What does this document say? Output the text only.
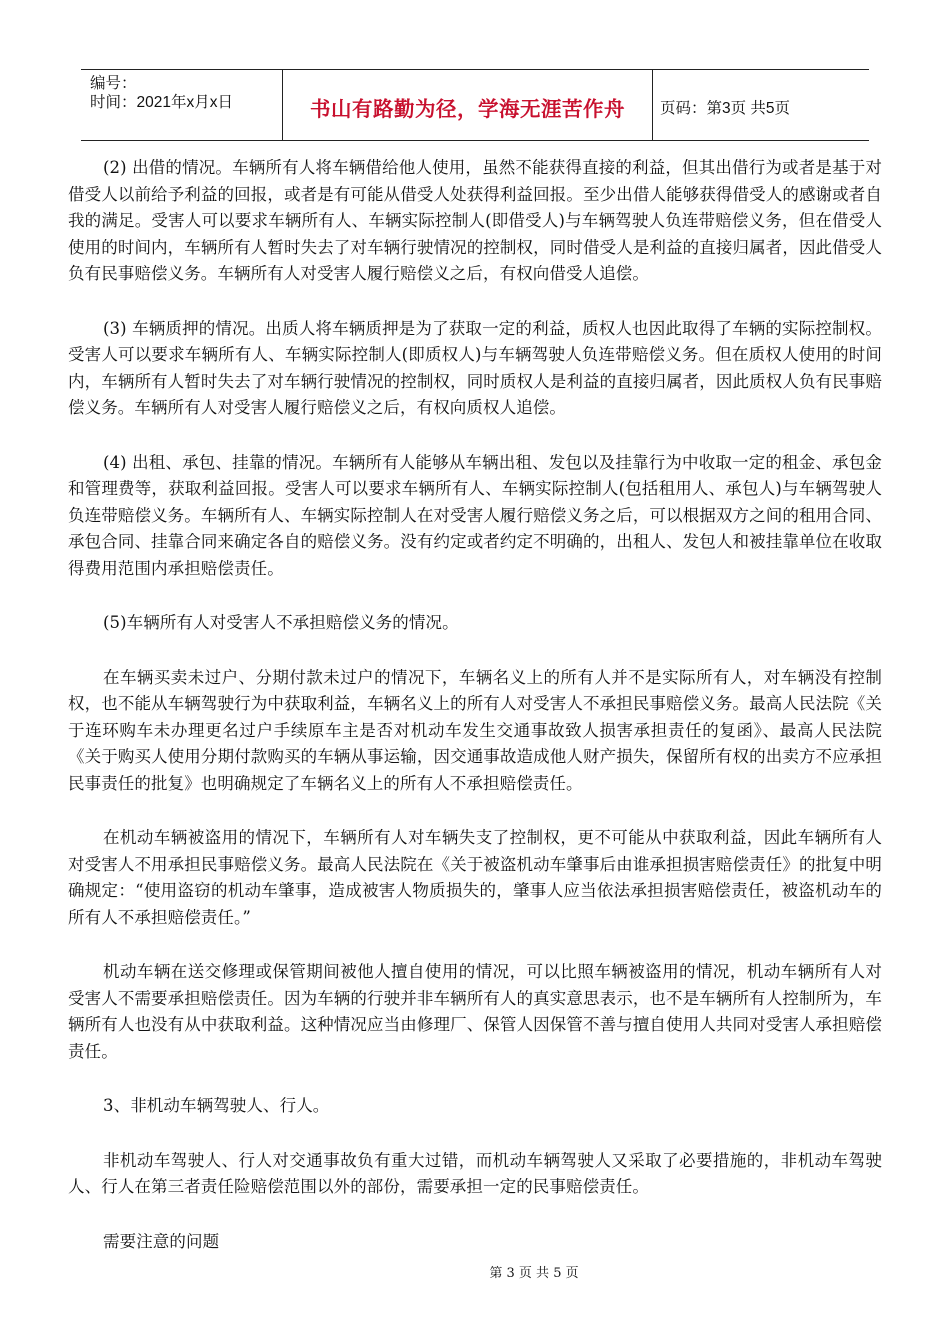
编号：
时间：2021年x月x日	书山有路勤为径，学海无涯苦作舟 页码：第3页 共5页

(2) 出借的情况。车辆所有人将车辆借给他人使用，虽然不能获得直接的利益，但其出借行为或者是基于对借受人以前给予利益的回报，或者是有可能从借受人处获得利益回报。至少出借人能够获得借受人的感谢或者自我的满足。受害人可以要求车辆所有人、车辆实际控制人(即借受人)与车辆驾驶人负连带赔偿义务，但在借受人使用的时间内，车辆所有人暂时失去了对车辆行驶情况的控制权，同时借受人是利益的直接归属者，因此借受人负有民事赔偿义务。车辆所有人对受害人履行赔偿义之后，有权向借受人追偿。

(3) 车辆质押的情况。出质人将车辆质押是为了获取一定的利益，质权人也因此取得了车辆的实际控制权。受害人可以要求车辆所有人、车辆实际控制人(即质权人)与车辆驾驶人负连带赔偿义务。但在质权人使用的时间内，车辆所有人暂时失去了对车辆行驶情况的控制权，同时质权人是利益的直接归属者，因此质权人负有民事赔偿义务。车辆所有人对受害人履行赔偿义之后，有权向质权人追偿。

(4) 出租、承包、挂靠的情况。车辆所有人能够从车辆出租、发包以及挂靠行为中收取一定的租金、承包金和管理费等，获取利益回报。受害人可以要求车辆所有人、车辆实际控制人(包括租用人、承包人)与车辆驾驶人负连带赔偿义务。车辆所有人、车辆实际控制人在对受害人履行赔偿义务之后，可以根据双方之间的租用合同、承包合同、挂靠合同来确定各自的赔偿义务。没有约定或者约定不明确的，出租人、发包人和被挂靠单位在收取得费用范围内承担赔偿责任。

(5)车辆所有人对受害人不承担赔偿义务的情况。

在车辆买卖未过户、分期付款未过户的情况下，车辆名义上的所有人并不是实际所有人，对车辆没有控制权，也不能从车辆驾驶行为中获取利益，车辆名义上的所有人对受害人不承担民事赔偿义务。最高人民法院《关于连环购车未办理更名过户手续原车主是否对机动车发生交通事故致人损害承担责任的复函》、最高人民法院《关于购买人使用分期付款购买的车辆从事运输，因交通事故造成他人财产损失，保留所有权的出卖方不应承担民事责任的批复》也明确规定了车辆名义上的所有人不承担赔偿责任。

在机动车辆被盗用的情况下，车辆所有人对车辆失支了控制权，更不可能从中获取利益，因此车辆所有人对受害人不用承担民事赔偿义务。最高人民法院在《关于被盗机动车肇事后由谁承担损害赔偿责任》的批复中明确规定：“使用盗窃的机动车肇事，造成被害人物质损失的，肇事人应当依法承担损害赔偿责任，被盗机动车的所有人不承担赔偿责任。”

机动车辆在送交修理或保管期间被他人擅自使用的情况，可以比照车辆被盗用的情况，机动车辆所有人对受害人不需要承担赔偿责任。因为车辆的行驶并非车辆所有人的真实意思表示，也不是车辆所有人控制所为，车辆所有人也没有从中获取利益。这种情况应当由修理厂、保管人因保管不善与擅自使用人共同对受害人承担赔偿责任。

3、非机动车辆驾驶人、行人。

非机动车驾驶人、行人对交通事故负有重大过错，而机动车辆驾驶人又采取了必要措施的，非机动车驾驶人、行人在第三者责任险赔偿范围以外的部份，需要承担一定的民事赔偿责任。

需要注意的问题

第 3 页 共 5 页
